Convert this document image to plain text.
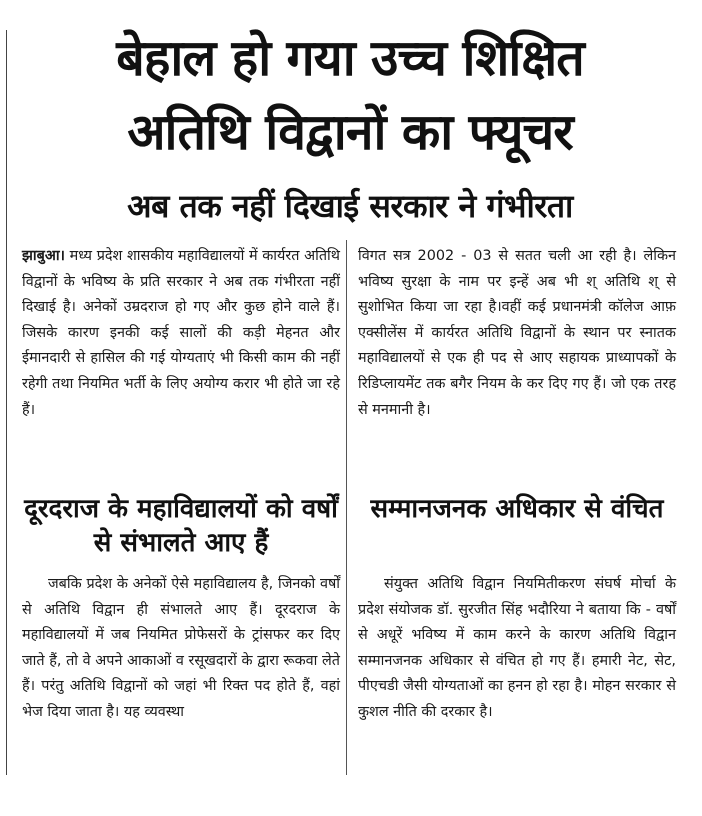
बेहाल हो गया उच्च शिक्षित
अतिथि विद्वानों का फ्यूचर
अब तक नहीं दिखाई सरकार ने गंभीरता

झाबुआ। मध्य प्रदेश शासकीय महाविद्यालयों में कार्यरत अतिथि विद्वानों के भविष्य के प्रति सरकार ने अब तक गंभीरता नहीं दिखाई है। अनेकों उम्रदराज हो गए और कुछ होने वाले हैं। जिसके कारण इनकी कई सालों की कड़ी मेहनत और ईमानदारी से हासिल की गई योग्यताएं भी किसी काम की नहीं रहेगी तथा नियमित भर्ती के लिए अयोग्य करार भी होते जा रहे हैं।

दूरदराज के महाविद्यालयों को वर्षों से संभालते आए हैं

जबकि प्रदेश के अनेकों ऐसे महाविद्यालय है, जिनको वर्षों से अतिथि विद्वान ही संभालते आए हैं। दूरदराज के महाविद्यालयों में जब नियमित प्रोफेसरों के ट्रांसफर कर दिए जाते हैं, तो वे अपने आकाओं व रसूखदारों के द्वारा रूकवा लेते हैं। परंतु अतिथि विद्वानों को जहां भी रिक्त पद होते हैं, वहां भेज दिया जाता है। यह व्यवस्था

विगत सत्र 2002 - 03 से सतत चली आ रही है। लेकिन भविष्य सुरक्षा के नाम पर इन्हें अब भी श् अतिथि श् से सुशोभित किया जा रहा है।वहीं कई प्रधानमंत्री कॉलेज आफ़ एक्सीलेंस में कार्यरत अतिथि विद्वानों के स्थान पर स्नातक महाविद्यालयों से एक ही पद से आए सहायक प्राध्यापकों के रिडिप्लायमेंट तक बगैर नियम के कर दिए गए हैं। जो एक तरह से मनमानी है।

सम्मानजनक अधिकार से वंचित

संयुक्त अतिथि विद्वान नियमितीकरण संघर्ष मोर्चा के प्रदेश संयोजक डॉ. सुरजीत सिंह भदौरिया ने बताया कि - वर्षों से अधूरें भविष्य में काम करने के कारण अतिथि विद्वान सम्मानजनक अधिकार से वंचित हो गए हैं। हमारी नेट, सेट, पीएचडी जैसी योग्यताओं का हनन हो रहा है। मोहन सरकार से कुशल नीति की दरकार है।
